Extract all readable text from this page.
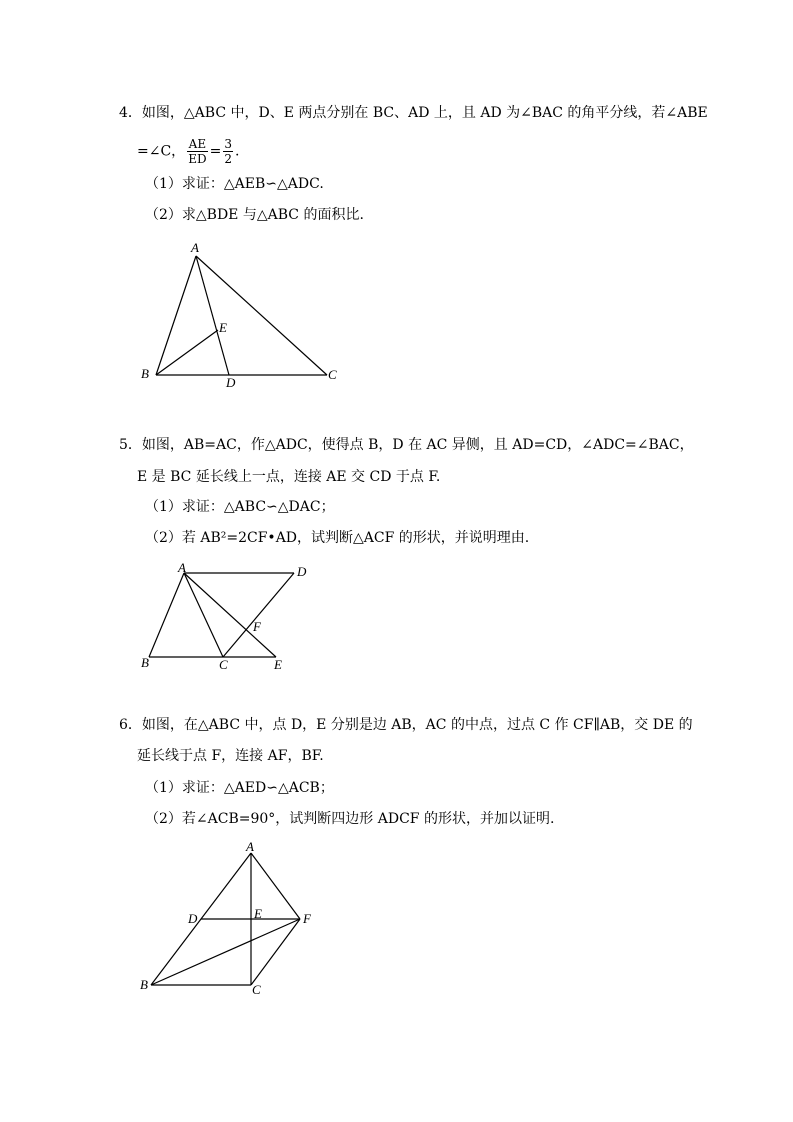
4．如图，△ABC 中，D、E 两点分别在 BC、AD 上，且 AD 为∠BAC 的角平分线，若∠ABE
=∠C， $\frac{AE}{ED} = \frac{3}{2}$ .
（1）求证：△AEB∽△ADC.
（2）求△BDE 与△ABC 的面积比.
A
B	C
D
E
5．如图，AB=AC，作△ADC，使得点 B，D 在 AC 异侧，且 AD=CD，∠ADC=∠BAC，
E 是 BC 延长线上一点，连接 AE 交 CD 于点 F.
（1）求证：△ABC∽△DAC；
（2）若 AB²=2CF•AD，试判断△ACF 的形状，并说明理由.
A
B	C
D
E
F
6．如图，在△ABC 中，点 D，E 分别是边 AB，AC 的中点，过点 C 作 CF∥AB，交 DE 的
延长线于点 F，连接 AF，BF.
（1）求证：△AED∽△ACB；
（2）若∠ACB=90°，试判断四边形 ADCF 的形状，并加以证明.
A
B	C
D	E	F
